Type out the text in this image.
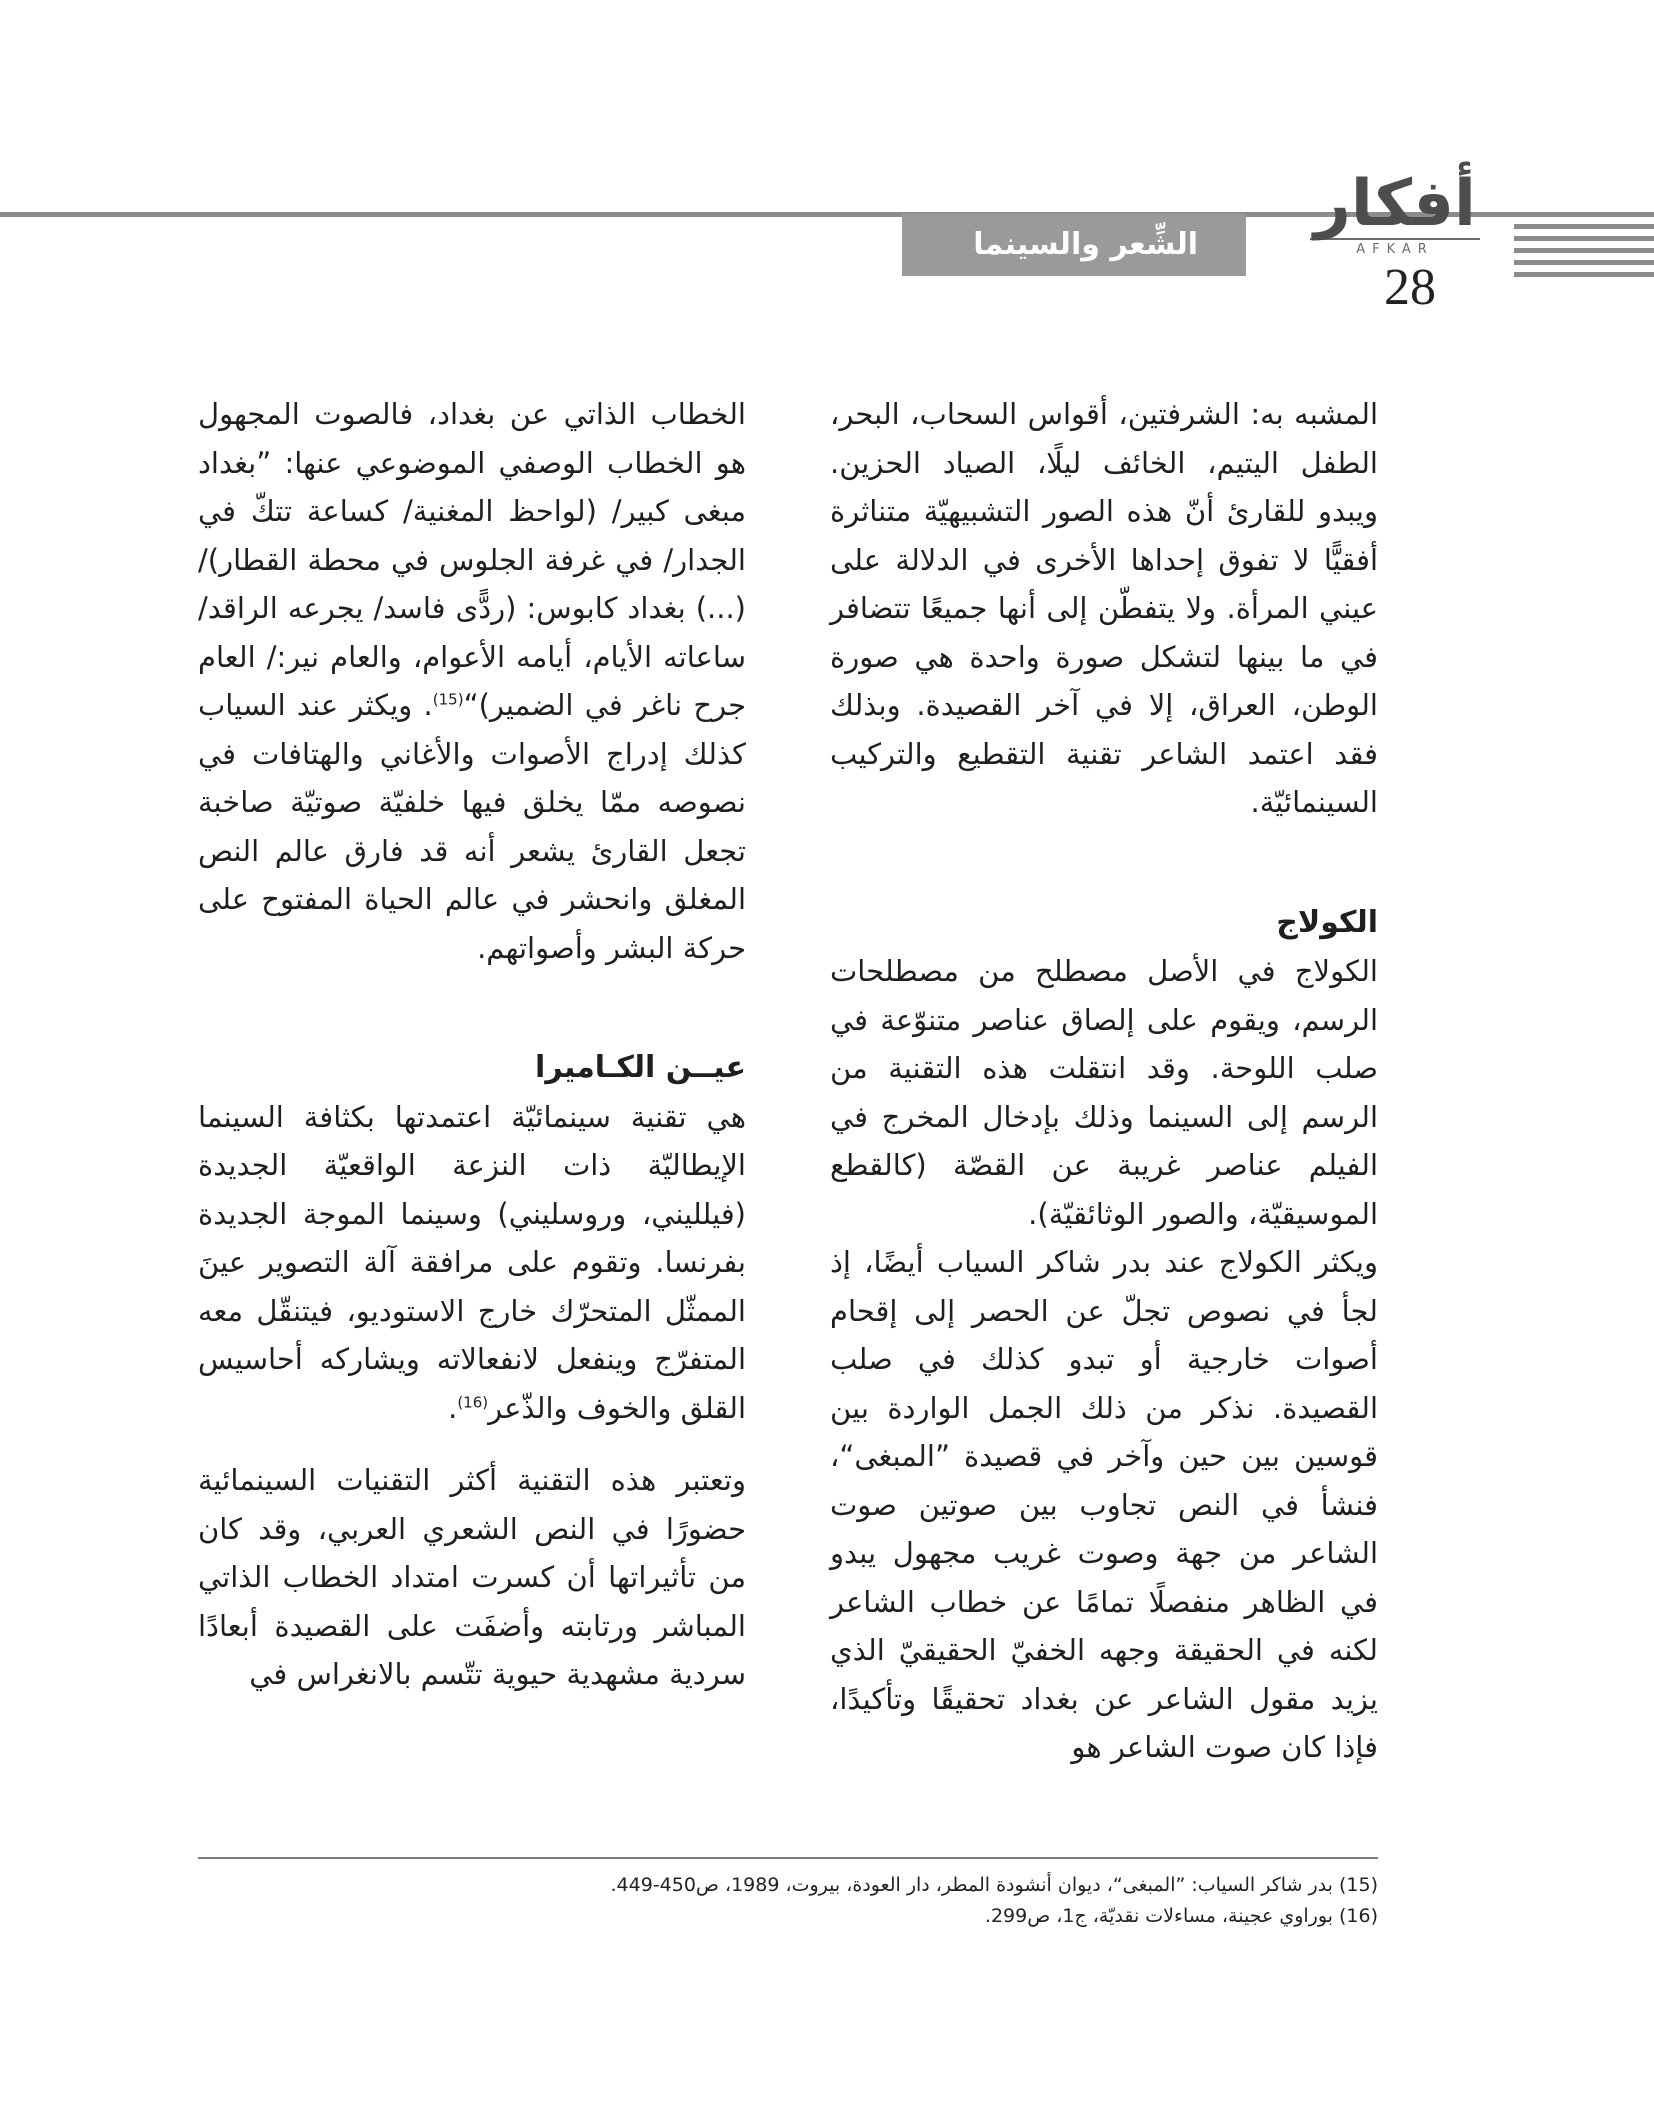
أفكار
AFKAR
الشِّعر والسينما
28

المشبه به: الشرفتين، أقواس السحاب، البحر، الطفل اليتيم، الخائف ليلًا، الصياد الحزين. ويبدو للقارئ أنّ هذه الصور التشبيهيّة متناثرة أفقيًّا لا تفوق إحداها الأخرى في الدلالة على عيني المرأة. ولا يتفطّن إلى أنها جميعًا تتضافر في ما بينها لتشكل صورة واحدة هي صورة الوطن، العراق، إلا في آخر القصيدة. وبذلك فقد اعتمد الشاعر تقنية التقطيع والتركيب السينمائيّة.

الكولاج

الكولاج في الأصل مصطلح من مصطلحات الرسم، ويقوم على إلصاق عناصر متنوّعة في صلب اللوحة. وقد انتقلت هذه التقنية من الرسم إلى السينما وذلك بإدخال المخرج في الفيلم عناصر غريبة عن القصّة (كالقطع الموسيقيّة، والصور الوثائقيّة).

ويكثر الكولاج عند بدر شاكر السياب أيضًا، إذ لجأ في نصوص تجلّ عن الحصر إلى إقحام أصوات خارجية أو تبدو كذلك في صلب القصيدة. نذكر من ذلك الجمل الواردة بين قوسين بين حين وآخر في قصيدة ”المبغى“، فنشأ في النص تجاوب بين صوتين صوت الشاعر من جهة وصوت غريب مجهول يبدو في الظاهر منفصلًا تمامًا عن خطاب الشاعر لكنه في الحقيقة وجهه الخفيّ الحقيقيّ الذي يزيد مقول الشاعر عن بغداد تحقيقًا وتأكيدًا، فإذا كان صوت الشاعر هو

الخطاب الذاتي عن بغداد، فالصوت المجهول هو الخطاب الوصفي الموضوعي عنها: ”بغداد مبغى كبير/ (لواحظ المغنية/ كساعة تتكّ في الجدار/ في غرفة الجلوس في محطة القطار)/ (...) بغداد كابوس: (ردًّى فاسد/ يجرعه الراقد/ ساعاته الأيام، أيامه الأعوام، والعام نير:/ العام جرح ناغر في الضمير)“$^{(15)}$. ويكثر عند السياب كذلك إدراج الأصوات والأغاني والهتافات في نصوصه ممّا يخلق فيها خلفيّة صوتيّة صاخبة تجعل القارئ يشعر أنه قد فارق عالم النص المغلق وانحشر في عالم الحياة المفتوح على حركة البشر وأصواتهم.

عيــن الكـاميرا

هي تقنية سينمائيّة اعتمدتها بكثافة السينما الإيطاليّة ذات النزعة الواقعيّة الجديدة (فيلليني، وروسليني) وسينما الموجة الجديدة بفرنسا. وتقوم على مرافقة آلة التصوير عينَ الممثّل المتحرّك خارج الاستوديو، فيتنقّل معه المتفرّج وينفعل لانفعالاته ويشاركه أحاسيس القلق والخوف والذّعر$^{(16)}$.

وتعتبر هذه التقنية أكثر التقنيات السينمائية حضورًا في النص الشعري العربي، وقد كان من تأثيراتها أن كسرت امتداد الخطاب الذاتي المباشر ورتابته وأضفَت على القصيدة أبعادًا سردية مشهدية حيوية تتّسم بالانغراس في

(15) بدر شاكر السياب: ”المبغى“، ديوان أنشودة المطر، دار العودة، بيروت، 1989، ص450-449.

(16) بوراوي عجينة، مساءلات نقديّة، ج1، ص299.
